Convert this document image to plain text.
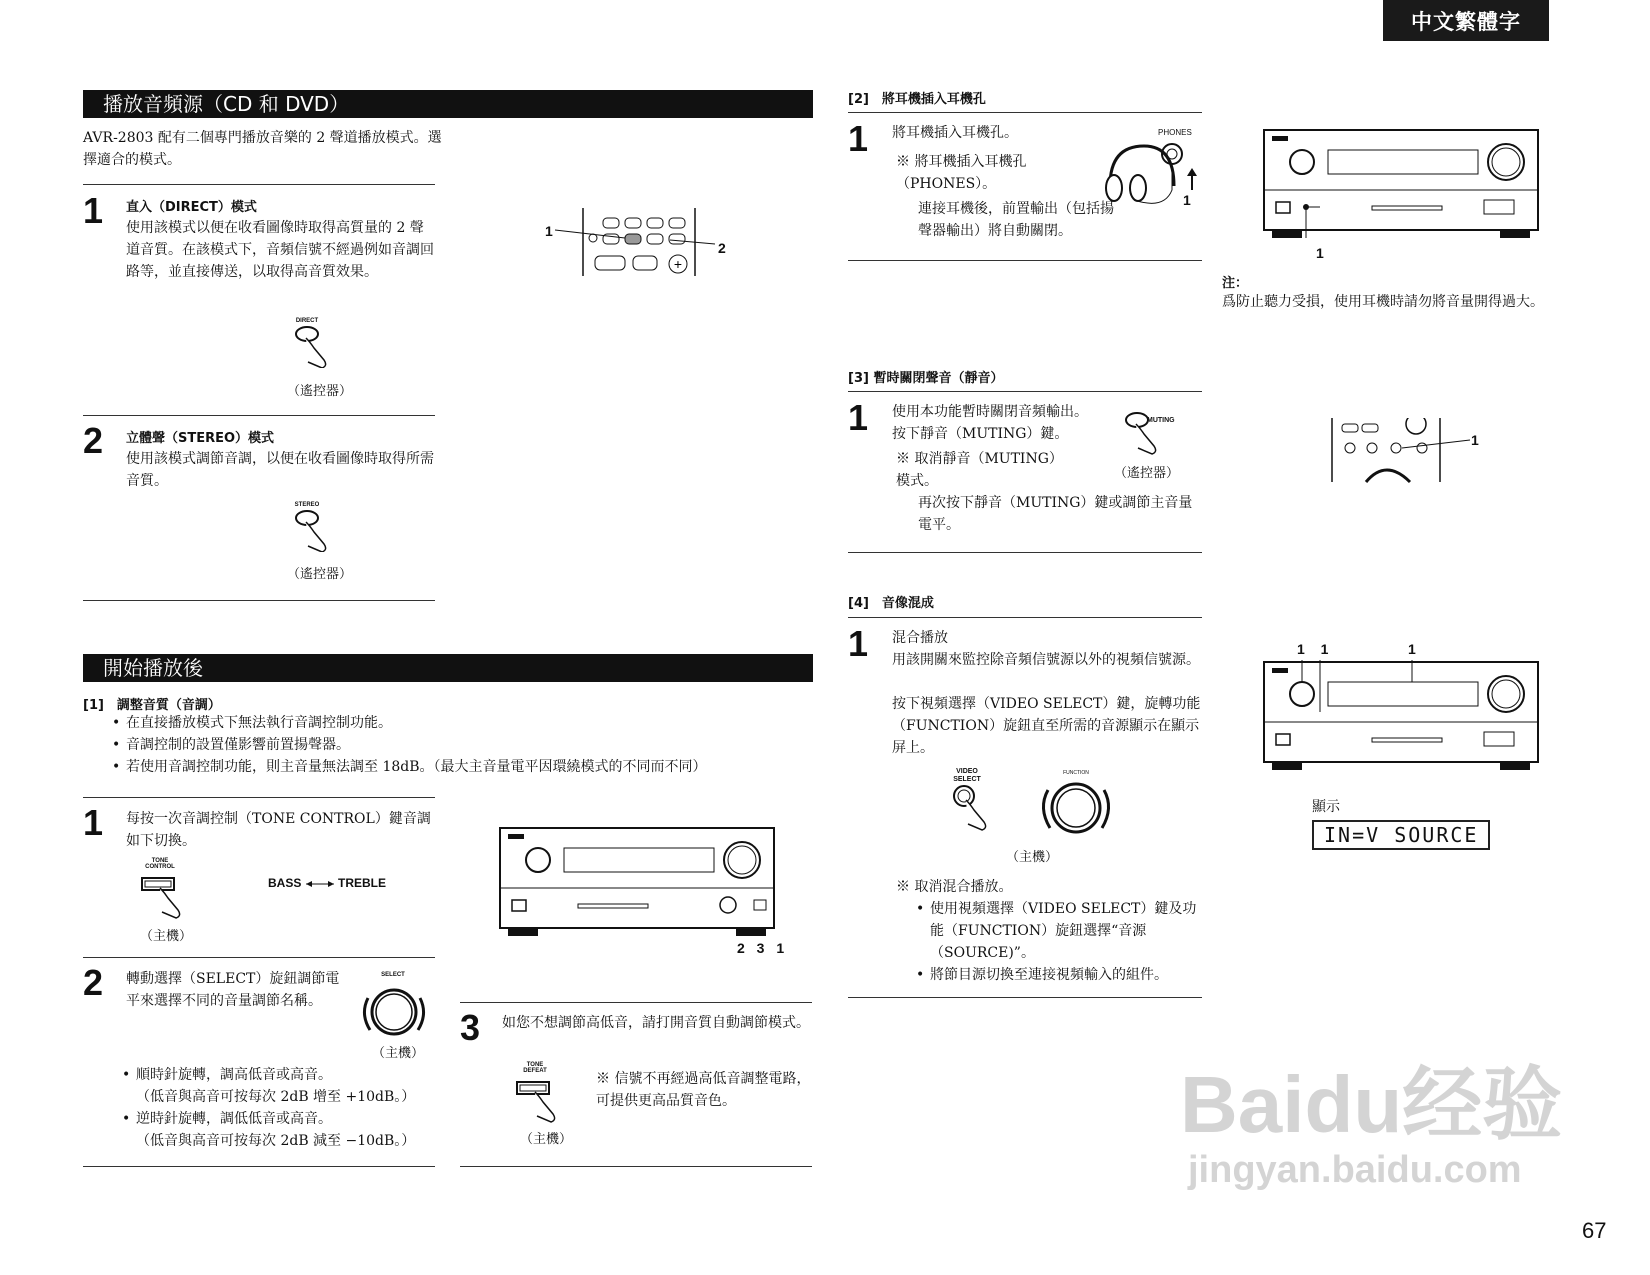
中文繁體字
播放音頻源（CD 和 DVD）
AVR-2803 配有二個專門播放音樂的 2 聲道播放模式。選擇適合的模式。
1 直入（DIRECT）模式
使用該模式以便在收看圖像時取得高質量的 2 聲道音質。在該模式下，音頻信號不經過例如音調回路等，並直接傳送，以取得高音質效果。
DIRECT
（遙控器）
2 立體聲（STEREO）模式
使用該模式調節音調，以便在收看圖像時取得所需音質。
STEREO
（遙控器）
+
1
2
開始播放後
[1]　調整音質（音調）
• 在直接播放模式下無法執行音調控制功能。
• 音調控制的設置僅影響前置揚聲器。
• 若使用音調控制功能，則主音量無法調至 18dB。（最大主音量電平因環繞模式的不同而不同）
1 每按一次音調控制（TONE CONTROL）鍵音調如下切換。
TONE CONTROL
BASS	TREBLE
（主機）
2 轉動選擇（SELECT）旋鈕調節電平來選擇不同的音量調節名稱。
SELECT
（主機）
• 順時針旋轉，調高低音或高音。
（低音與高音可按每次 2dB 增至 +10dB。）
• 逆時針旋轉，調低低音或高音。
（低音與高音可按每次 2dB 減至 −10dB。）
2 3 1
3 如您不想調節高低音，請打開音質自動調節模式。
TONE DEFEAT	※ 信號不再經過高低音調整電路，可提供更高品質音色。
（主機）
[2]　將耳機插入耳機孔
1 將耳機插入耳機孔。
※ 將耳機插入耳機孔（PHONES）。
連接耳機後，前置輸出（包括揚聲器輸出）將自動關閉。
PHONES
1
1
注：
爲防止聽力受損，使用耳機時請勿將音量開得過大。
[3] 暫時關閉聲音（靜音）
1 使用本功能暫時關閉音頻輸出。
按下靜音（MUTING）鍵。
※ 取消靜音（MUTING）模式。
再次按下靜音（MUTING）鍵或調節主音量電平。
MUTING
（遙控器）
1
[4]　音像混成
1 混合播放
用該開關來監控除音頻信號源以外的視頻信號源。
按下視頻選擇（VIDEO SELECT）鍵，旋轉功能（FUNCTION）旋鈕直至所需的音源顯示在顯示屏上。
VIDEO SELECT
FUNCTION
（主機）
※ 取消混合播放。
• 使用視頻選擇（VIDEO SELECT）鍵及功能（FUNCTION）旋鈕選擇“音源（SOURCE)”。
• 將節目源切換至連接視頻輸入的組件。
1 1	1
顯示
IN=V SOURCE
Baidu经验
jingyan.baidu.com
67
